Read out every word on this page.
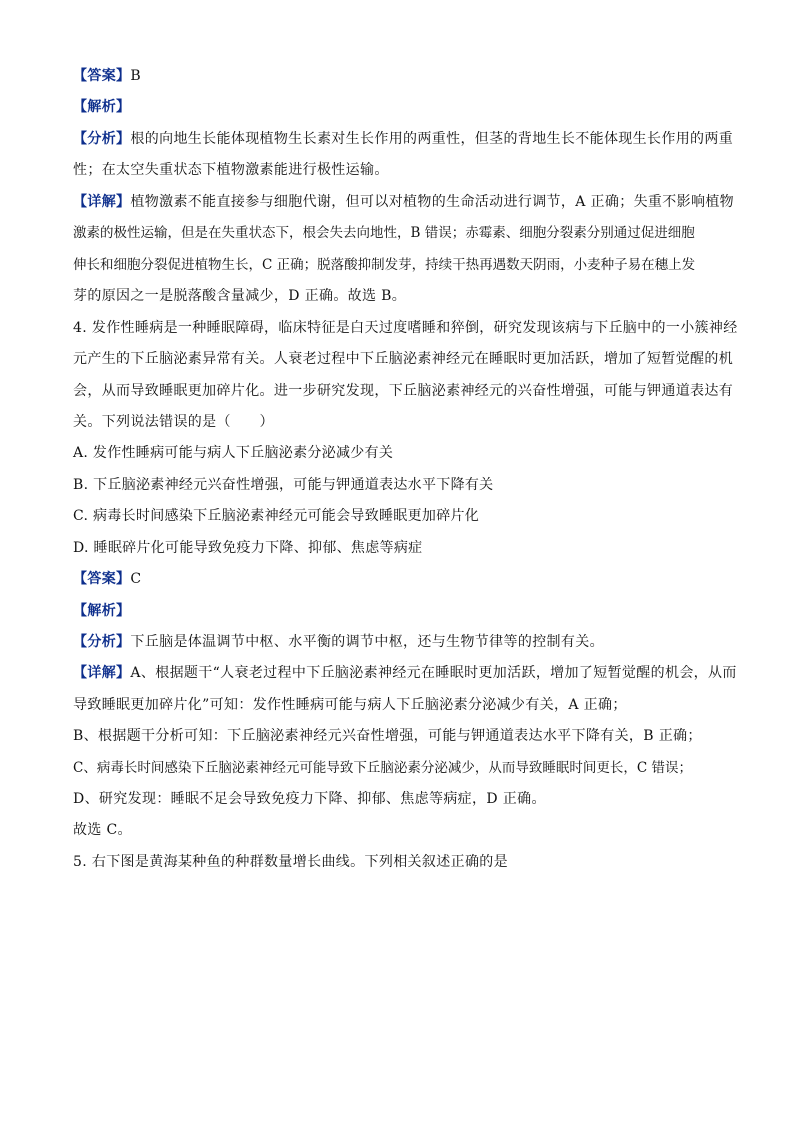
【答案】B
【解析】
【分析】根的向地生长能体现植物生长素对生长作用的两重性，但茎的背地生长不能体现生长作用的两重
性；在太空失重状态下植物激素能进行极性运输。
【详解】植物激素不能直接参与细胞代谢，但可以对植物的生命活动进行调节，A 正确；失重不影响植物
激素的极性运输，但是在失重状态下，根会失去向地性，B 错误；赤霉素、细胞分裂素分别通过促进细胞
伸长和细胞分裂促进植物生长，C 正确；脱落酸抑制发芽，持续干热再遇数天阴雨，小麦种子易在穗上发
芽的原因之一是脱落酸含量减少，D 正确。故选 B。
4. 发作性睡病是一种睡眠障碍，临床特征是白天过度嗜睡和猝倒，研究发现该病与下丘脑中的一小簇神经
元产生的下丘脑泌素异常有关。人衰老过程中下丘脑泌素神经元在睡眠时更加活跃，增加了短暂觉醒的机
会，从而导致睡眠更加碎片化。进一步研究发现，下丘脑泌素神经元的兴奋性增强，可能与钾通道表达有
关。下列说法错误的是（　　）
A. 发作性睡病可能与病人下丘脑泌素分泌减少有关
B. 下丘脑泌素神经元兴奋性增强，可能与钾通道表达水平下降有关
C. 病毒长时间感染下丘脑泌素神经元可能会导致睡眠更加碎片化
D. 睡眠碎片化可能导致免疫力下降、抑郁、焦虑等病症
【答案】C
【解析】
【分析】下丘脑是体温调节中枢、水平衡的调节中枢，还与生物节律等的控制有关。
【详解】A、根据题干“人衰老过程中下丘脑泌素神经元在睡眠时更加活跃，增加了短暂觉醒的机会，从而
导致睡眠更加碎片化”可知：发作性睡病可能与病人下丘脑泌素分泌减少有关，A 正确；
B、根据题干分析可知：下丘脑泌素神经元兴奋性增强，可能与钾通道表达水平下降有关，B 正确；
C、病毒长时间感染下丘脑泌素神经元可能导致下丘脑泌素分泌减少，从而导致睡眠时间更长，C 错误；
D、研究发现：睡眠不足会导致免疫力下降、抑郁、焦虑等病症，D 正确。
故选 C。
5. 右下图是黄海某种鱼的种群数量增长曲线。下列相关叙述正确的是
